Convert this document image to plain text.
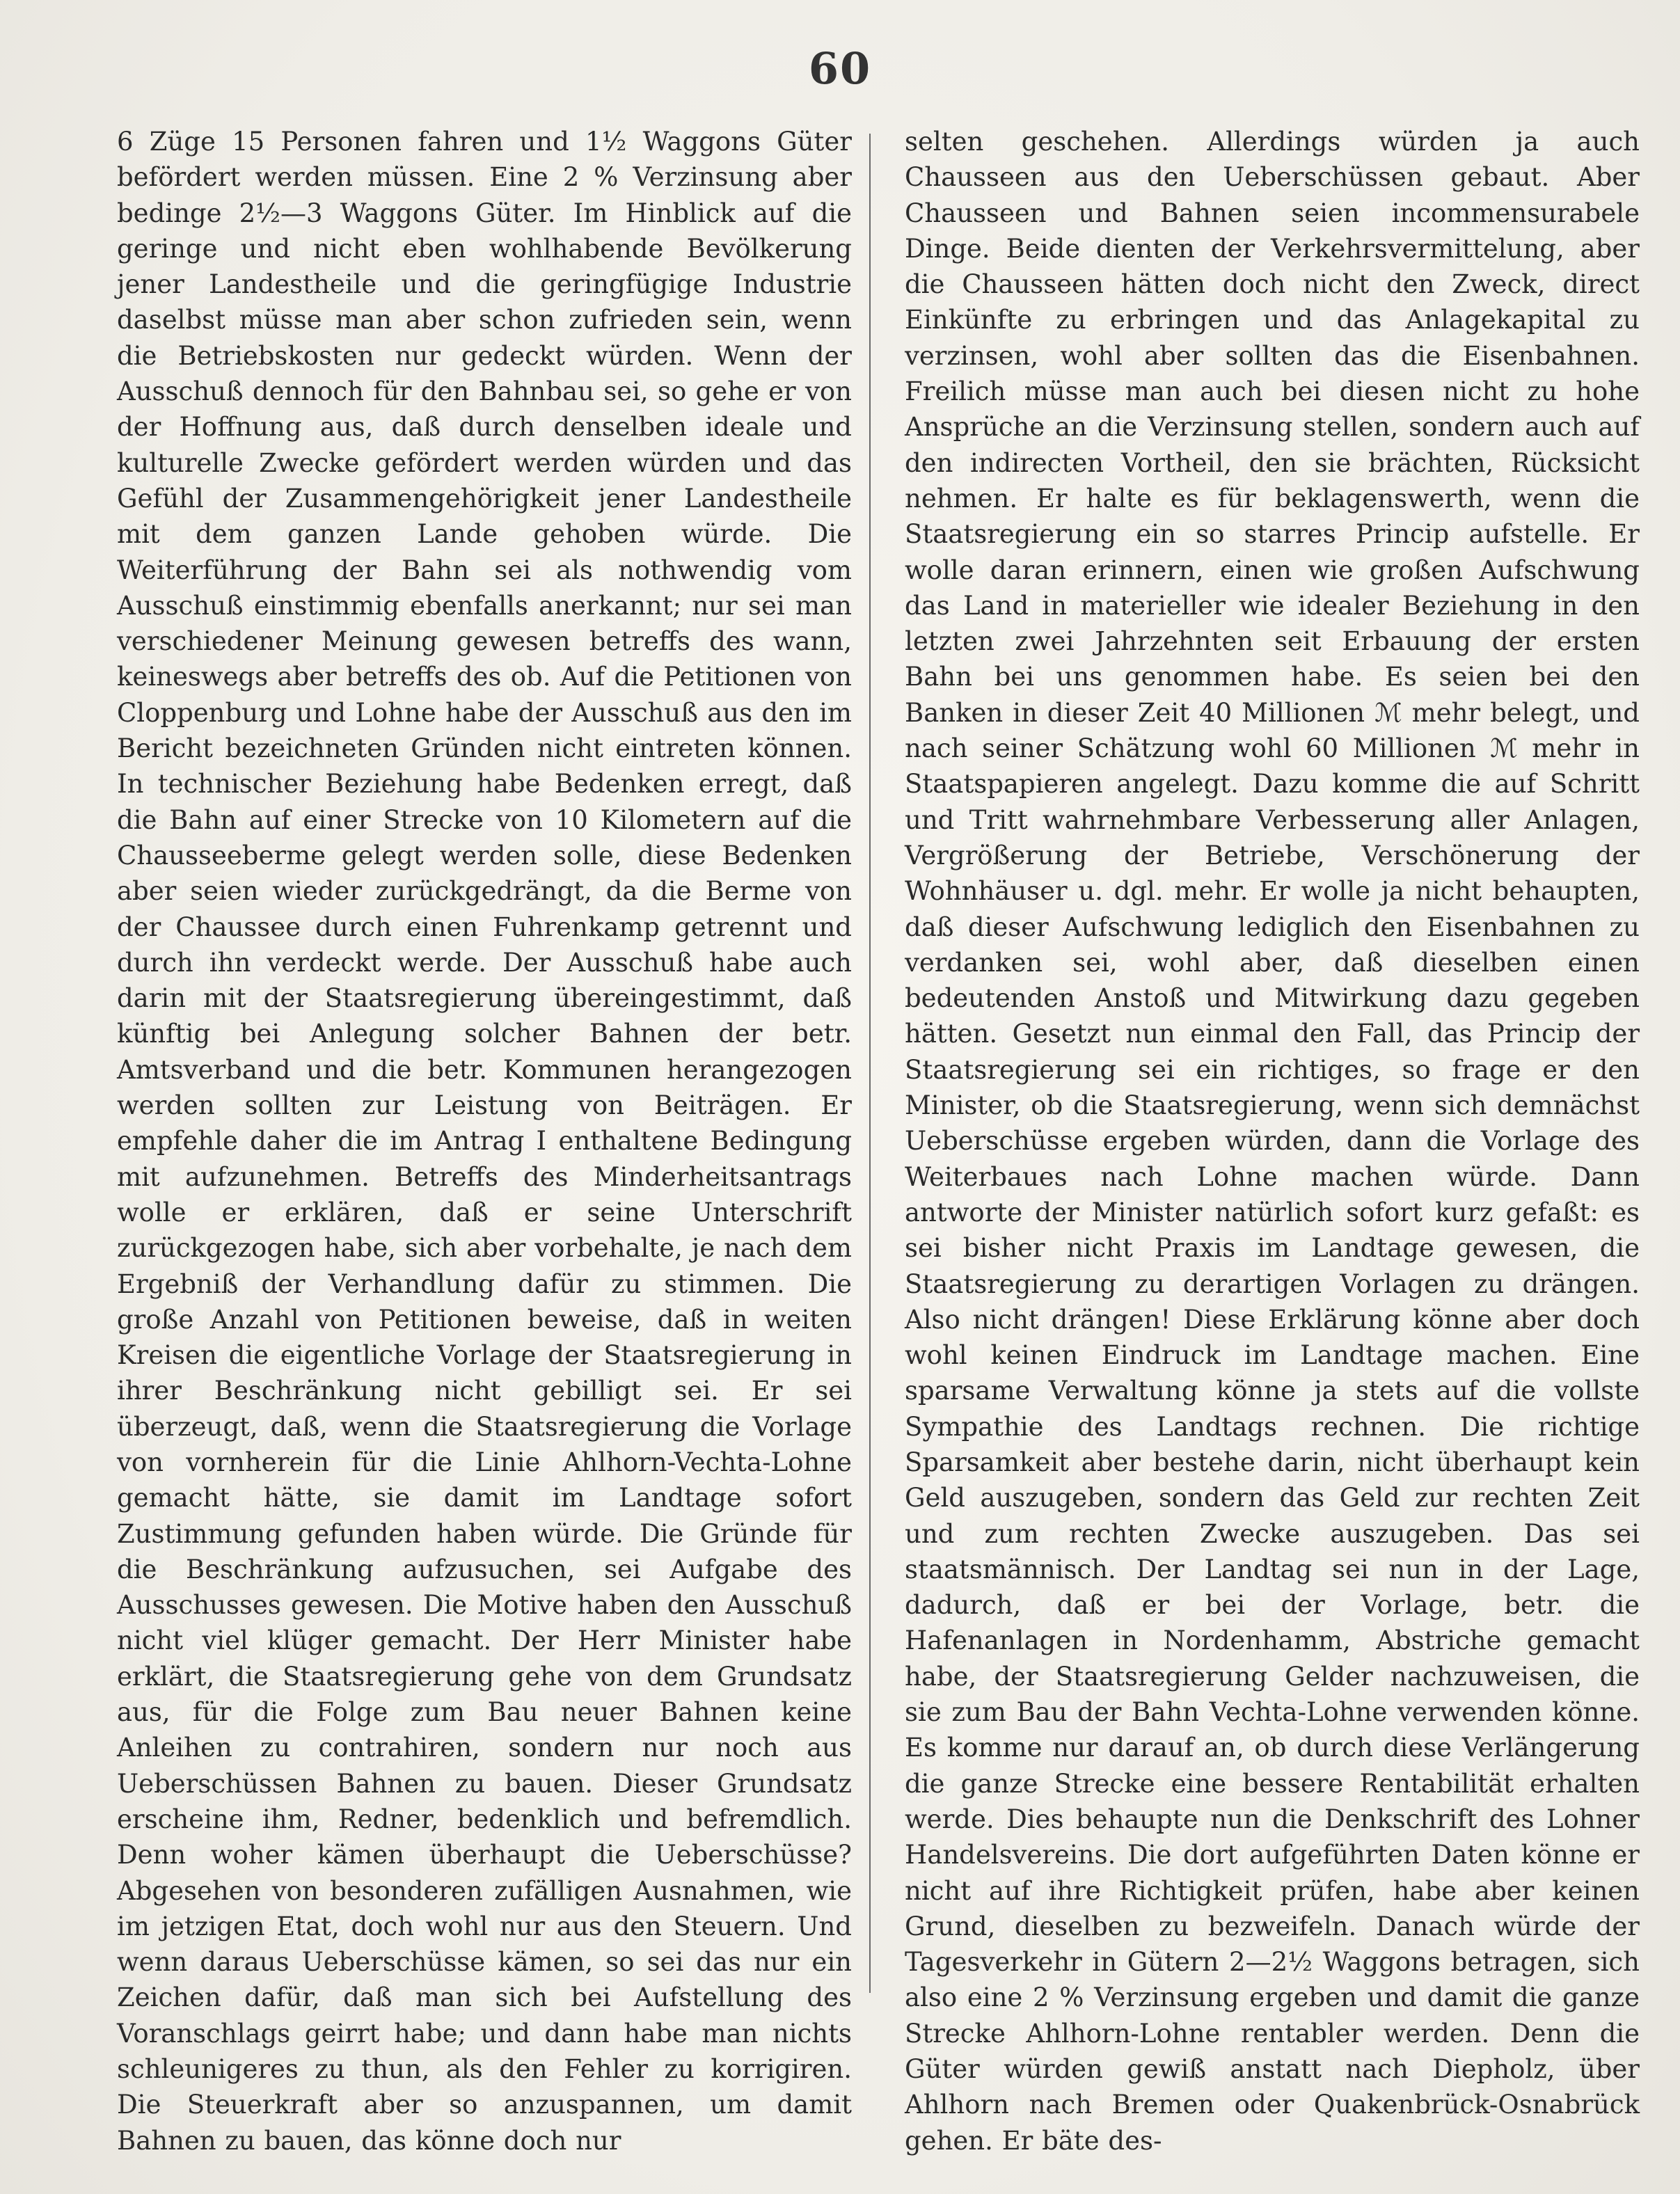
60

6 Züge 15 Personen fahren und 1½ Waggons Güter befördert werden müssen. Eine 2 % Verzinsung aber bedinge 2½—3 Waggons Güter. Im Hinblick auf die geringe und nicht eben wohlhabende Bevölkerung jener Landestheile und die geringfügige Industrie daselbst müsse man aber schon zufrieden sein, wenn die Betriebskosten nur gedeckt würden. Wenn der Ausschuß dennoch für den Bahnbau sei, so gehe er von der Hoffnung aus, daß durch denselben ideale und kulturelle Zwecke gefördert werden würden und das Gefühl der Zusammengehörigkeit jener Landestheile mit dem ganzen Lande gehoben würde. Die Weiterführung der Bahn sei als nothwendig vom Ausschuß einstimmig ebenfalls anerkannt; nur sei man verschiedener Meinung gewesen betreffs des wann, keineswegs aber betreffs des ob. Auf die Petitionen von Cloppenburg und Lohne habe der Ausschuß aus den im Bericht bezeichneten Gründen nicht eintreten können. In technischer Beziehung habe Bedenken erregt, daß die Bahn auf einer Strecke von 10 Kilometern auf die Chausseeberme gelegt werden solle, diese Bedenken aber seien wieder zurückgedrängt, da die Berme von der Chaussee durch einen Fuhrenkamp getrennt und durch ihn verdeckt werde. Der Ausschuß habe auch darin mit der Staatsregierung übereingestimmt, daß künftig bei Anlegung solcher Bahnen der betr. Amtsverband und die betr. Kommunen herangezogen werden sollten zur Leistung von Beiträgen. Er empfehle daher die im Antrag I enthaltene Bedingung mit aufzunehmen. Betreffs des Minderheitsantrags wolle er erklären, daß er seine Unterschrift zurückgezogen habe, sich aber vorbehalte, je nach dem Ergebniß der Verhandlung dafür zu stimmen. Die große Anzahl von Petitionen beweise, daß in weiten Kreisen die eigentliche Vorlage der Staatsregierung in ihrer Beschränkung nicht gebilligt sei. Er sei überzeugt, daß, wenn die Staatsregierung die Vorlage von vornherein für die Linie Ahlhorn-Vechta-Lohne gemacht hätte, sie damit im Landtage sofort Zustimmung gefunden haben würde. Die Gründe für die Beschränkung aufzusuchen, sei Aufgabe des Ausschusses gewesen. Die Motive haben den Ausschuß nicht viel klüger gemacht. Der Herr Minister habe erklärt, die Staatsregierung gehe von dem Grundsatz aus, für die Folge zum Bau neuer Bahnen keine Anleihen zu contrahiren, sondern nur noch aus Ueberschüssen Bahnen zu bauen. Dieser Grundsatz erscheine ihm, Redner, bedenklich und befremdlich. Denn woher kämen überhaupt die Ueberschüsse? Abgesehen von besonderen zufälligen Ausnahmen, wie im jetzigen Etat, doch wohl nur aus den Steuern. Und wenn daraus Ueberschüsse kämen, so sei das nur ein Zeichen dafür, daß man sich bei Aufstellung des Voranschlags geirrt habe; und dann habe man nichts schleunigeres zu thun, als den Fehler zu korrigiren. Die Steuerkraft aber so anzuspannen, um damit Bahnen zu bauen, das könne doch nur

selten geschehen. Allerdings würden ja auch Chausseen aus den Ueberschüssen gebaut. Aber Chausseen und Bahnen seien incommensurabele Dinge. Beide dienten der Verkehrsvermittelung, aber die Chausseen hätten doch nicht den Zweck, direct Einkünfte zu erbringen und das Anlagekapital zu verzinsen, wohl aber sollten das die Eisenbahnen. Freilich müsse man auch bei diesen nicht zu hohe Ansprüche an die Verzinsung stellen, sondern auch auf den indirecten Vortheil, den sie brächten, Rücksicht nehmen. Er halte es für beklagenswerth, wenn die Staatsregierung ein so starres Princip aufstelle. Er wolle daran erinnern, einen wie großen Aufschwung das Land in materieller wie idealer Beziehung in den letzten zwei Jahrzehnten seit Erbauung der ersten Bahn bei uns genommen habe. Es seien bei den Banken in dieser Zeit 40 Millionen ℳ mehr belegt, und nach seiner Schätzung wohl 60 Millionen ℳ mehr in Staatspapieren angelegt. Dazu komme die auf Schritt und Tritt wahrnehmbare Verbesserung aller Anlagen, Vergrößerung der Betriebe, Verschönerung der Wohnhäuser u. dgl. mehr. Er wolle ja nicht behaupten, daß dieser Aufschwung lediglich den Eisenbahnen zu verdanken sei, wohl aber, daß dieselben einen bedeutenden Anstoß und Mitwirkung dazu gegeben hätten. Gesetzt nun einmal den Fall, das Princip der Staatsregierung sei ein richtiges, so frage er den Minister, ob die Staatsregierung, wenn sich demnächst Ueberschüsse ergeben würden, dann die Vorlage des Weiterbaues nach Lohne machen würde. Dann antworte der Minister natürlich sofort kurz gefaßt: es sei bisher nicht Praxis im Landtage gewesen, die Staatsregierung zu derartigen Vorlagen zu drängen. Also nicht drängen! Diese Erklärung könne aber doch wohl keinen Eindruck im Landtage machen. Eine sparsame Verwaltung könne ja stets auf die vollste Sympathie des Landtags rechnen. Die richtige Sparsamkeit aber bestehe darin, nicht überhaupt kein Geld auszugeben, sondern das Geld zur rechten Zeit und zum rechten Zwecke auszugeben. Das sei staatsmännisch. Der Landtag sei nun in der Lage, dadurch, daß er bei der Vorlage, betr. die Hafenanlagen in Nordenhamm, Abstriche gemacht habe, der Staatsregierung Gelder nachzuweisen, die sie zum Bau der Bahn Vechta-Lohne verwenden könne. Es komme nur darauf an, ob durch diese Verlängerung die ganze Strecke eine bessere Rentabilität erhalten werde. Dies behaupte nun die Denkschrift des Lohner Handelsvereins. Die dort aufgeführten Daten könne er nicht auf ihre Richtigkeit prüfen, habe aber keinen Grund, dieselben zu bezweifeln. Danach würde der Tagesverkehr in Gütern 2—2½ Waggons betragen, sich also eine 2 % Verzinsung ergeben und damit die ganze Strecke Ahlhorn-Lohne rentabler werden. Denn die Güter würden gewiß anstatt nach Diepholz, über Ahlhorn nach Bremen oder Quakenbrück-Osnabrück gehen. Er bäte des-
